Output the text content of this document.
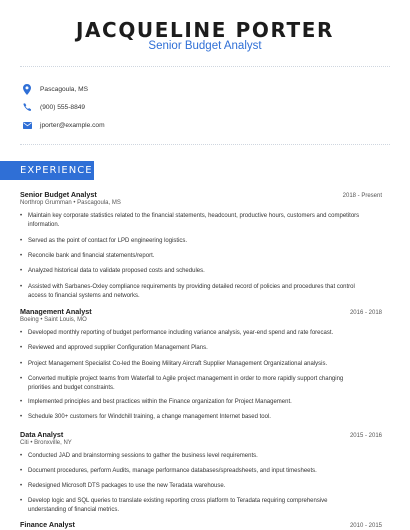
JACQUELINE PORTER
Senior Budget Analyst
Pascagoula, MS
(900) 555-8849
jporter@example.com
EXPERIENCE
Senior Budget Analyst	2018 - Present
Northrop Grumman • Pascagoula, MS
• Maintain key corporate statistics related to the financial statements, headcount, productive hours, customers and competitors information.
• Served as the point of contact for LPD engineering logistics.
• Reconcile bank and financial statements/report.
• Analyzed historical data to validate proposed costs and schedules.
• Assisted with Sarbanes-Oxley compliance requirements by providing detailed record of policies and procedures that control access to financial systems and networks.
Management Analyst	2016 - 2018
Boeing • Saint Louis, MO
• Developed monthly reporting of budget performance including variance analysis, year-end spend and rate forecast.
• Reviewed and approved supplier Configuration Management Plans.
• Project Management Specialist Co-led the Boeing Military Aircraft Supplier Management Organizational analysis.
• Converted multiple project teams from Waterfall to Agile project management in order to more rapidly support changing priorities and budget constraints.
• Implemented principles and best practices within the Finance organization for Project Management.
• Schedule 300+ customers for Windchill training, a change management Internet based tool.
Data Analyst	2015 - 2016
Citi • Bronxville, NY
• Conducted JAD and brainstorming sessions to gather the business level requirements.
• Document procedures, perform Audits, manage performance databases/spreadsheets, and input timesheets.
• Redesigned Microsoft DTS packages to use the new Teradata warehouse.
• Develop logic and SQL queries to translate existing reporting cross platform to Teradata requiring comprehensive understanding of financial metrics.
Finance Analyst	2010 - 2015
